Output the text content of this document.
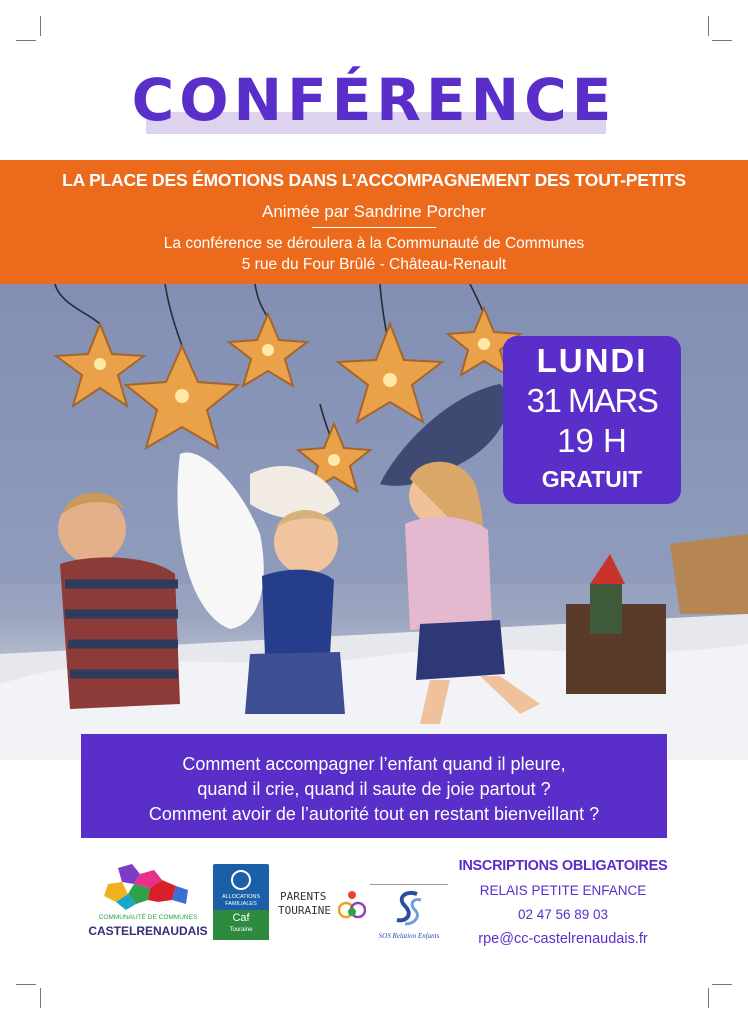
CONFÉRENCE
LA PLACE DES ÉMOTIONS DANS L’ACCOMPAGNEMENT DES TOUT-PETITS
Animée par Sandrine Porcher
La conférence se déroulera à la Communauté de Communes
5 rue du Four Brûlé - Château-Renault
LUNDI
31 MARS
19 H
GRATUIT
Comment accompagner l’enfant quand il pleure,
quand il crie, quand il saute de joie partout ?
Comment avoir de l’autorité tout en restant bienveillant ?
COMMUNAUTÉ DE COMMUNES
CASTELRENAUDAIS
ALLOCATIONS
FAMILIALES
Caf
Touraine
PARENTS
TOURAINE
SOS Relation Enfants
INSCRIPTIONS OBLIGATOIRES
RELAIS PETITE ENFANCE
02 47 56 89 03
rpe@cc-castelrenaudais.fr
